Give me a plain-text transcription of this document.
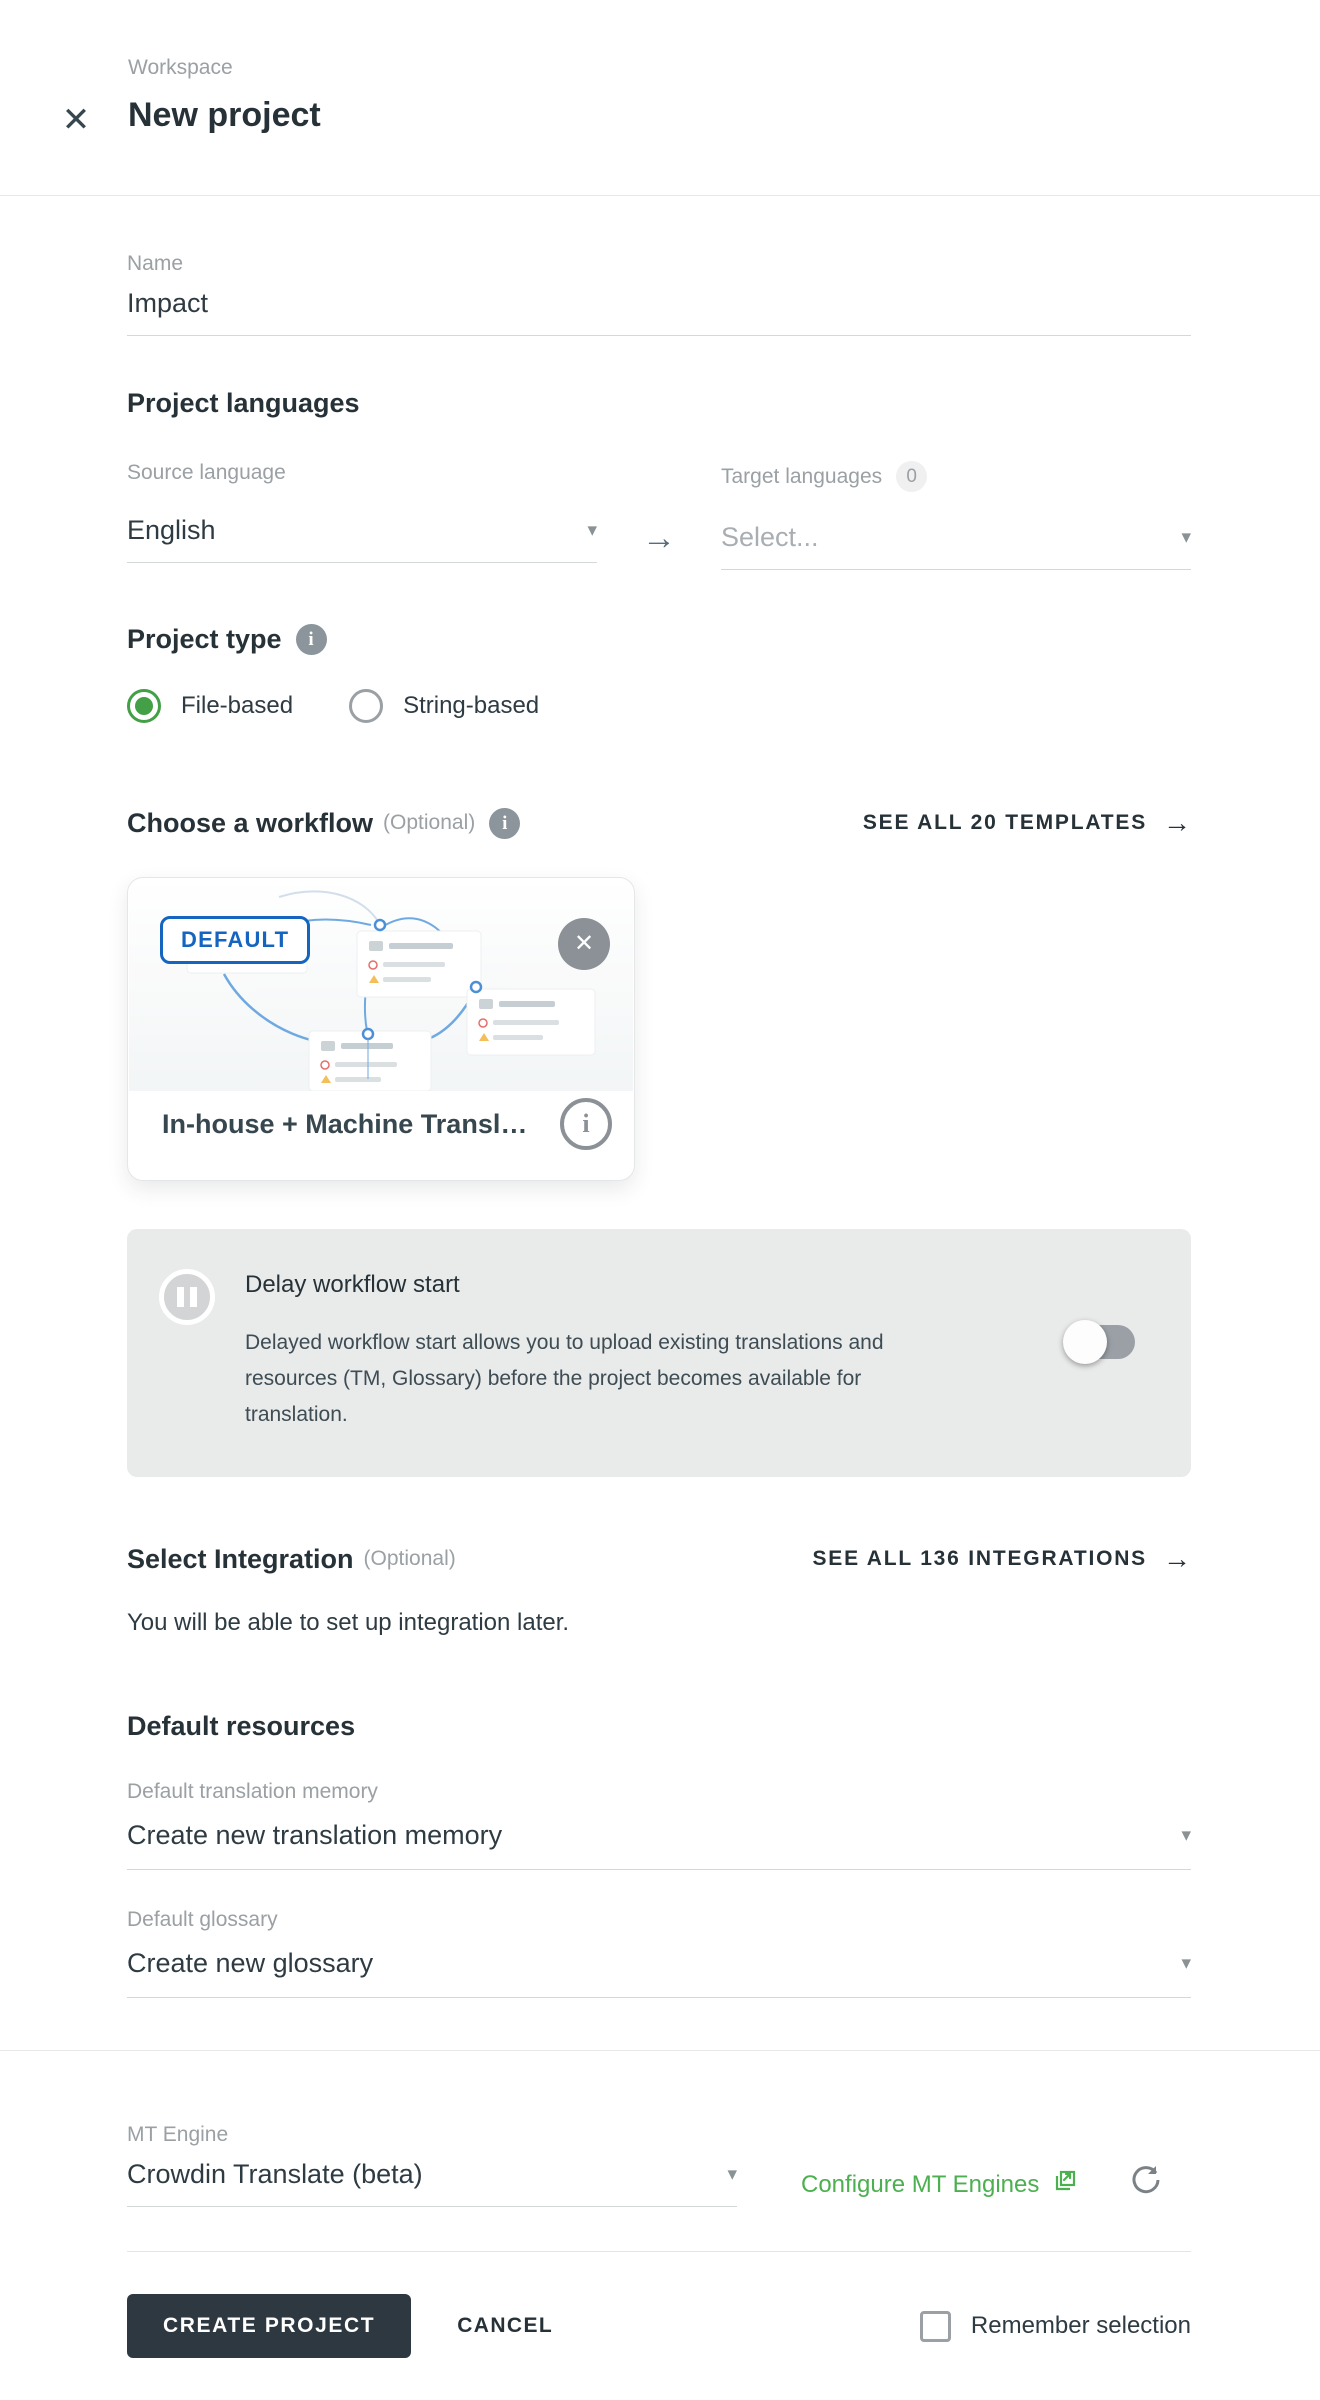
✕
Workspace
New project
Name
Impact
Project languages
Source language
English	▾	→
Target languages	0
Select...	▾
Project type	i
File-based	String-based
Choose a workflow (Optional)	i	SEE ALL 20 TEMPLATES →
DEFAULT	✕
In-house + Machine Transl…	i
Delay workflow start
Delayed workflow start allows you to upload existing translations and
resources (TM, Glossary) before the project becomes available for
translation.
Select Integration (Optional)	SEE ALL 136 INTEGRATIONS →
You will be able to set up integration later.
Default resources
Default translation memory
Create new translation memory	▾
Default glossary
Create new glossary	▾
MT Engine
Crowdin Translate (beta)	▾	Configure MT Engines
CREATE PROJECT	CANCEL	Remember selection
